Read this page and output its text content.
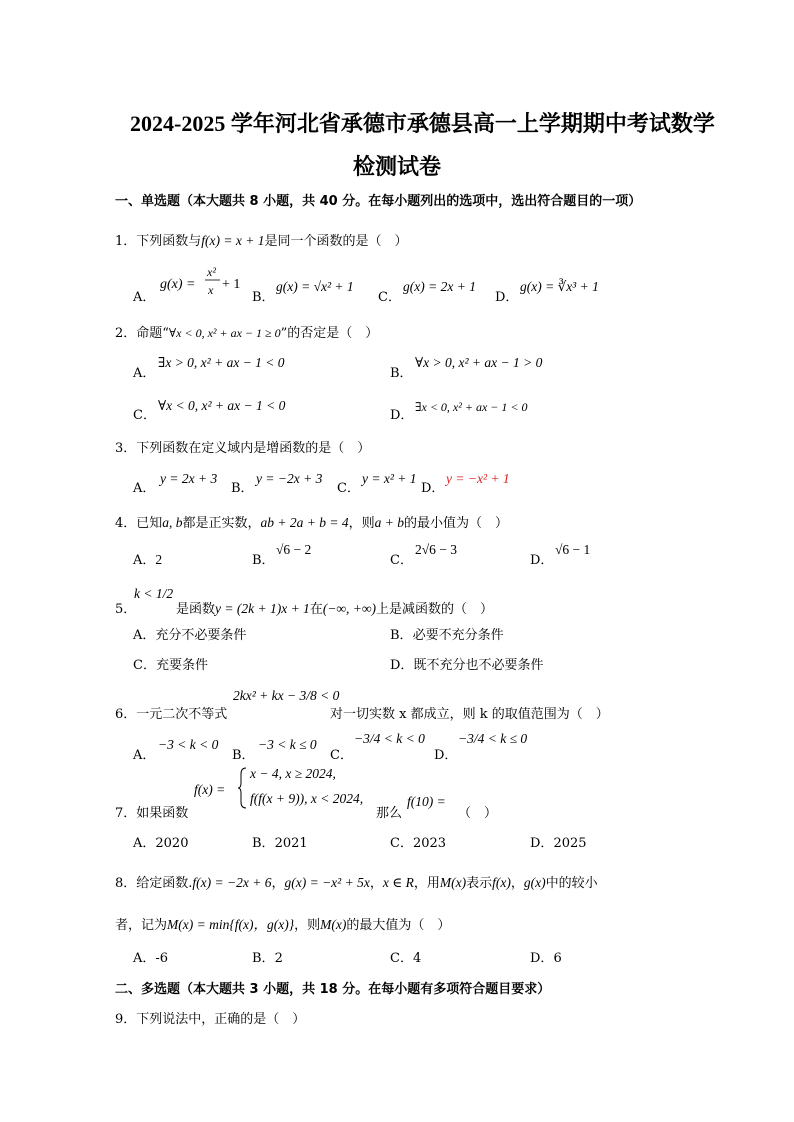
2024-2025 学年河北省承德市承德县高一上学期期中考试数学
检测试卷
一、单选题（本大题共 8 小题，共 40 分。在每小题列出的选项中，选出符合题目的一项）
1．下列函数与f(x) = x + 1是同一个函数的是（　）
A．
g(x) =
x²
x + 1
B．
g(x) = √x² + 1
C．
g(x) = 2x + 1
D．
g(x) = ∛x³ + 1
2．命题“∀x < 0, x² + ax − 1 ≥ 0”的否定是（　）
A．
∃x > 0, x² + ax − 1 < 0
B．
∀x > 0, x² + ax − 1 > 0
C．
∀x < 0, x² + ax − 1 < 0
D．
∃x < 0, x² + ax − 1 < 0
3．下列函数在定义域内是增函数的是（　）
A．
y = 2x + 3
B．
y = −2x + 3
C．
y = x² + 1
D．
y = −x² + 1
4．已知a, b都是正实数，ab + 2a + b = 4，则a + b的最小值为（　）
A．2	B．
√6 − 2
C．
2√6 − 3
D．
√6 − 1
5．
k < 1/2
是函数y = (2k + 1)x + 1在(−∞, +∞)上是减函数的（　）
A．充分不必要条件	B．必要不充分条件
C．充要条件	D．既不充分也不必要条件
6．一元二次不等式
2kx² + kx − 3/8 < 0
对一切实数 x 都成立，则 k 的取值范围为（　）
A．
−3 < k < 0
B．
−3 < k ≤ 0
C．
−3/4 < k < 0
D．
−3/4 < k ≤ 0
7．如果函数
f(x) =
x − 4, x ≥ 2024,
f(f(x + 9)), x < 2024,
那么
f(10) =
（　）
A．2020	B．2021	C．2023	D．2025
8．给定函数.f(x) = −2x + 6，g(x) = −x² + 5x，x ∈ R，用M(x)表示f(x)，g(x)中的较小
者，记为M(x) = min{f(x)，g(x)}，则M(x)的最大值为（　）
A．-6	B．2	C．4	D．6
二、多选题（本大题共 3 小题，共 18 分。在每小题有多项符合题目要求）
9．下列说法中，正确的是（　）
